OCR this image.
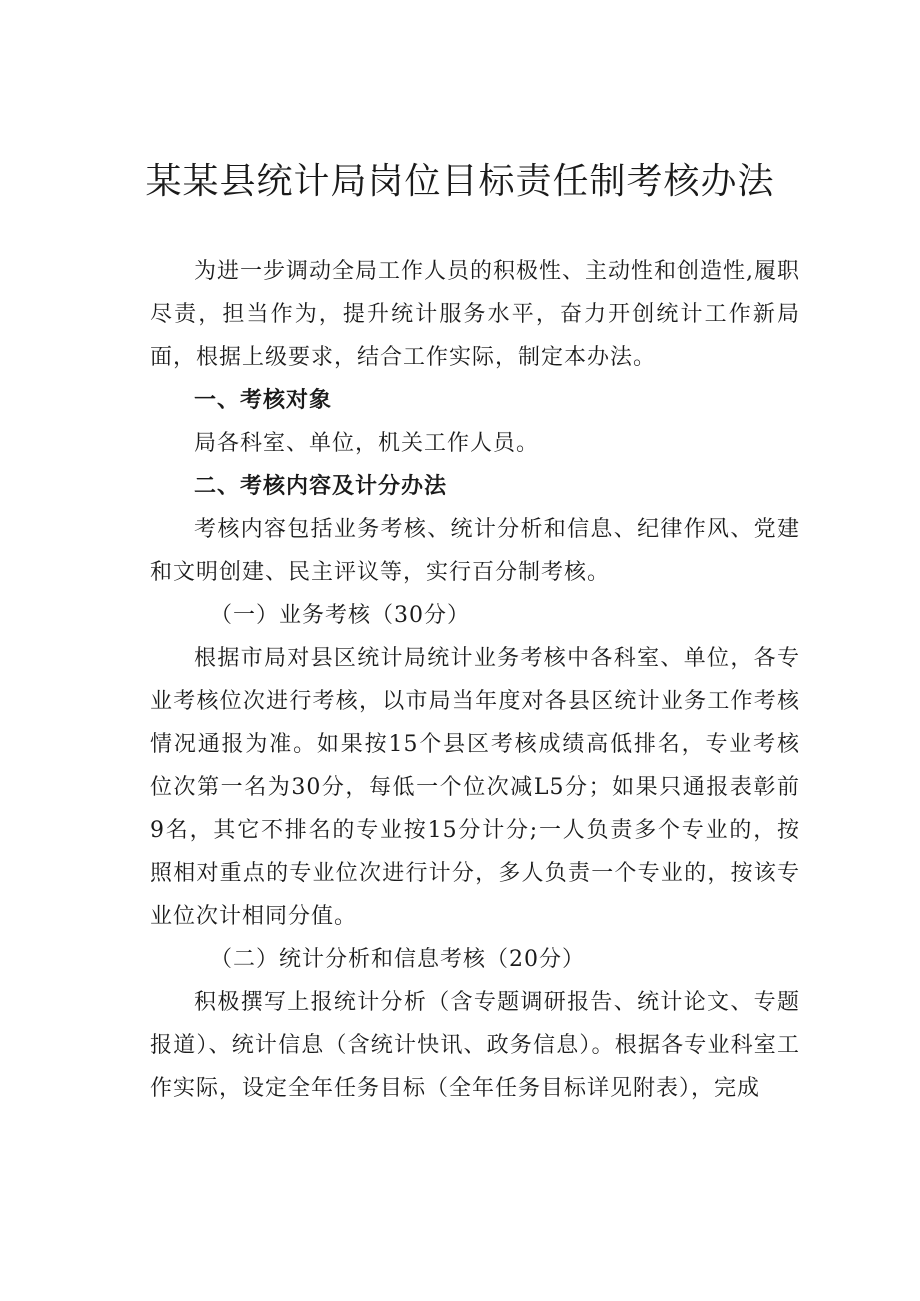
某某县统计局岗位目标责任制考核办法

为进一步调动全局工作人员的积极性、主动性和创造性,履职尽责，担当作为，提升统计服务水平，奋力开创统计工作新局面，根据上级要求，结合工作实际，制定本办法。

一、考核对象

局各科室、单位，机关工作人员。

二、考核内容及计分办法

考核内容包括业务考核、统计分析和信息、纪律作风、党建和文明创建、民主评议等，实行百分制考核。

（一）业务考核（30分）

根据市局对县区统计局统计业务考核中各科室、单位，各专业考核位次进行考核，以市局当年度对各县区统计业务工作考核情况通报为准。如果按15个县区考核成绩高低排名，专业考核位次第一名为30分，每低一个位次减L5分；如果只通报表彰前9名，其它不排名的专业按15分计分;一人负责多个专业的，按照相对重点的专业位次进行计分，多人负责一个专业的，按该专业位次计相同分值。

（二）统计分析和信息考核（20分）

积极撰写上报统计分析（含专题调研报告、统计论文、专题报道）、统计信息（含统计快讯、政务信息）。根据各专业科室工作实际，设定全年任务目标（全年任务目标详见附表），完成
